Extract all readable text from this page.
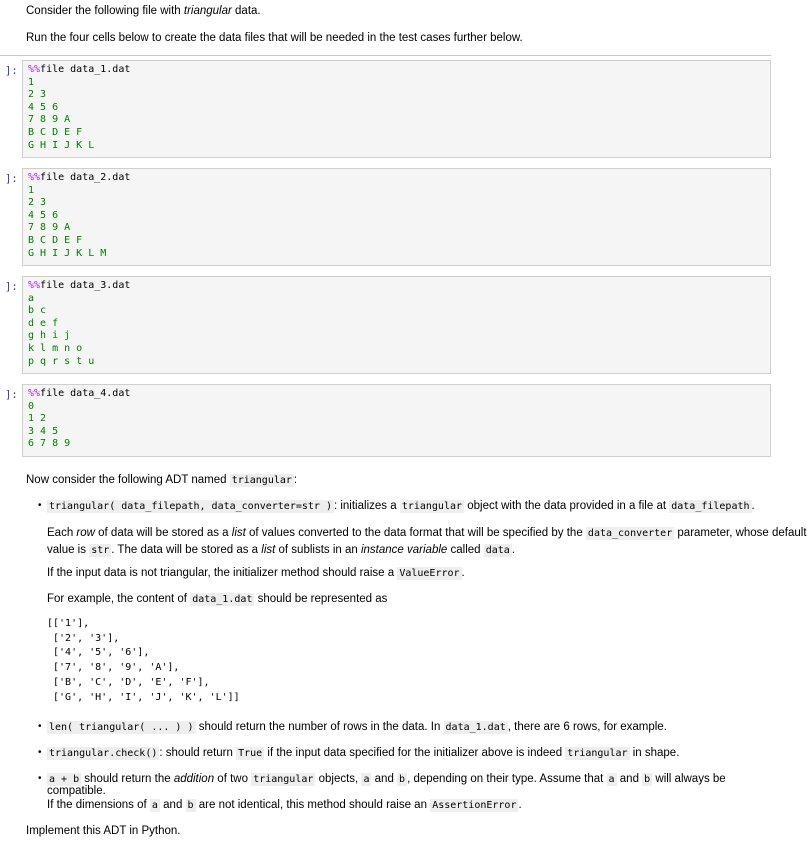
Consider the following file with triangular data.

Run the four cells below to create the data files that will be needed in the test cases further below.

]: %%file data_1.dat
1
2 3
4 5 6
7 8 9 A
B C D E F
G H I J K L
]: %%file data_2.dat
1
2 3
4 5 6
7 8 9 A
B C D E F
G H I J K L M
]: %%file data_3.dat
a
b c
d e f
g h i j
k l m n o
p q r s t u
]: %%file data_4.dat
0
1 2
3 4 5
6 7 8 9

Now consider the following ADT named triangular :

• triangular( data_filepath, data_converter=str ) : initializes a triangular object with the data provided in a file at data_filepath .

Each row of data will be stored as a list of values converted to the data format that will be specified by the data_converter parameter, whose default
value is str . The data will be stored as a list of sublists in an instance variable called data .

If the input data is not triangular, the initializer method should raise a ValueError .

For example, the content of data_1.dat should be represented as

[['1'],
['2', '3'],
['4', '5', '6'],
['7', '8', '9', 'A'],
['B', 'C', 'D', 'E', 'F'],
['G', 'H', 'I', 'J', 'K', 'L']]
• len( triangular( ... ) ) should return the number of rows in the data. In data_1.dat , there are 6 rows, for example.

• triangular.check() : should return True if the input data specified for the initializer above is indeed triangular in shape.

• a + b should return the addition of two triangular objects, a and b , depending on their type. Assume that a and b will always be compatible.

If the dimensions of a and b are not identical, this method should raise an AssertionError .

Implement this ADT in Python.
